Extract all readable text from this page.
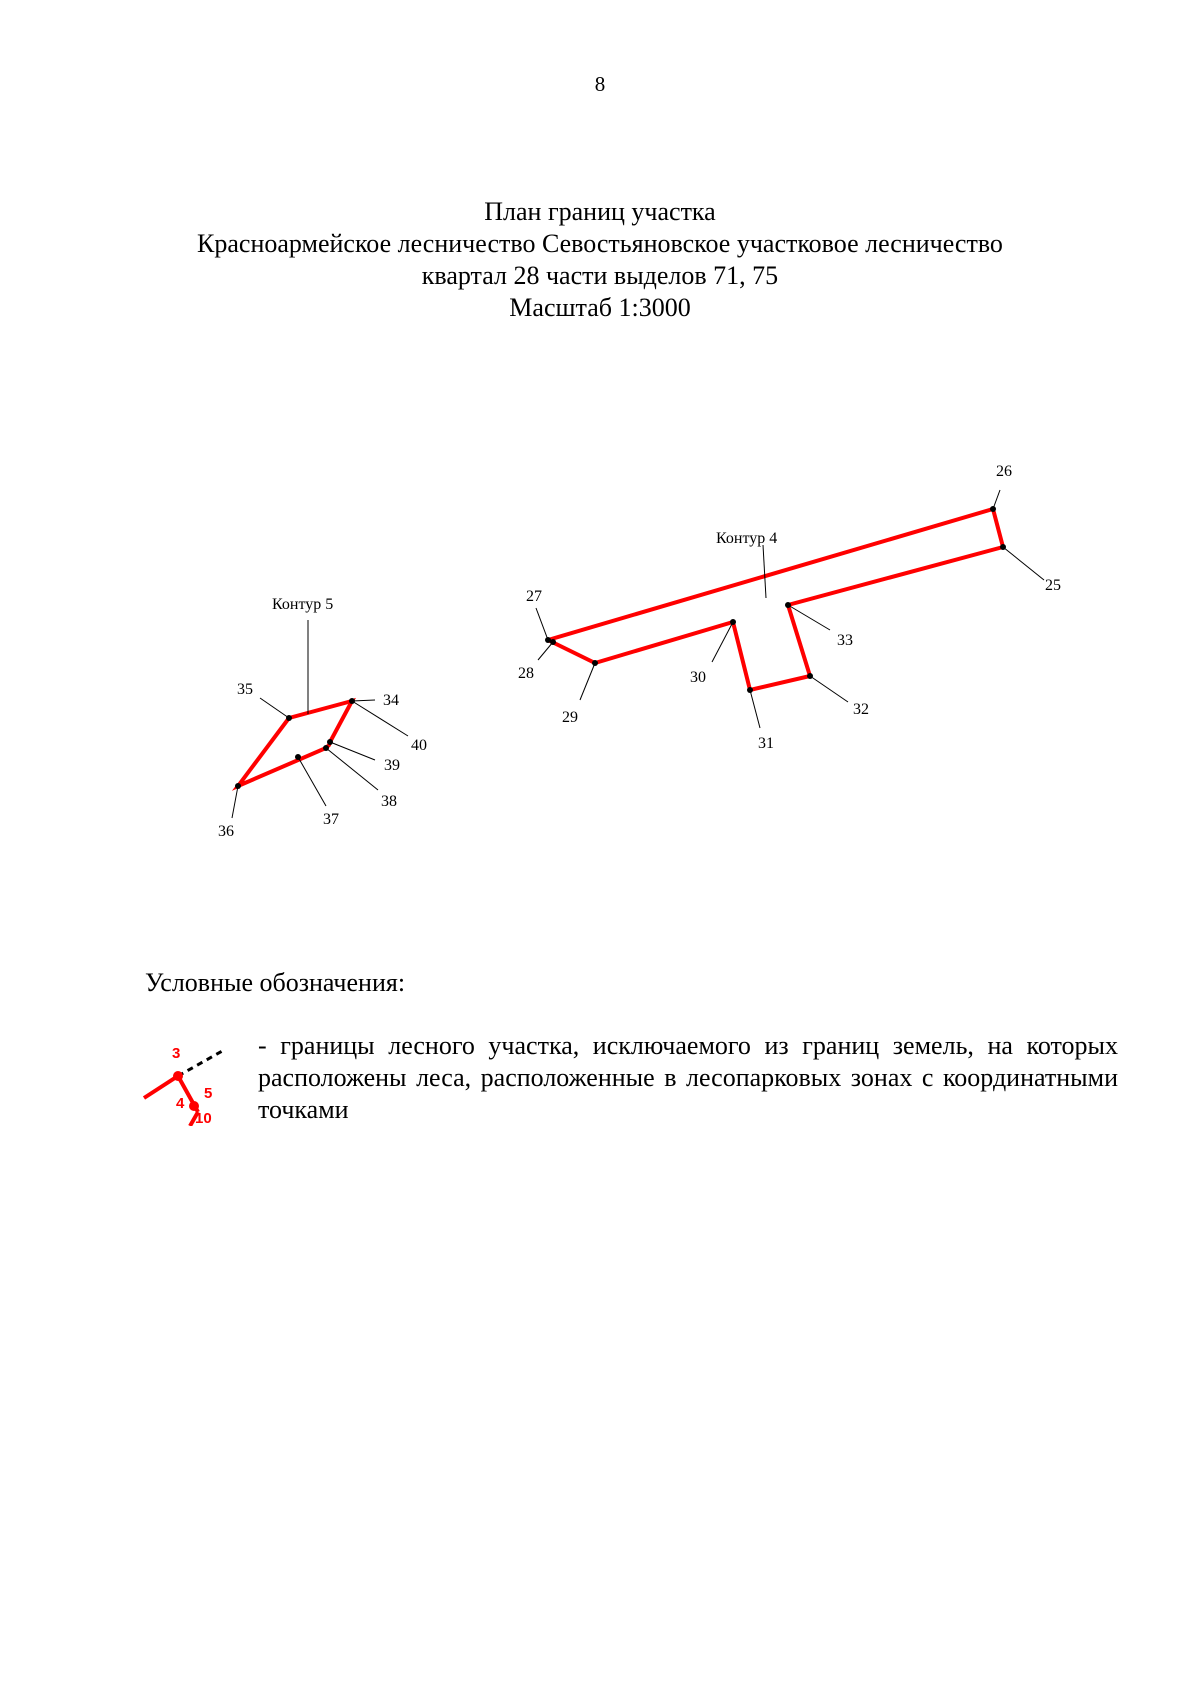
8
План границ участка
Красноармейское лесничество Севостьяновское участковое лесничество
квартал 28 части выделов 71, 75
Масштаб 1:3000
Контур 4
Контур 5
25
26
27
28
29
30
31
32
33
34
35
36
37
38
39
40
Условные обозначения:
3
5
4
10
- границы лесного участка, исключаемого из границ земель, на которых расположены леса, расположенные в лесопарковых зонах с координатными точками
